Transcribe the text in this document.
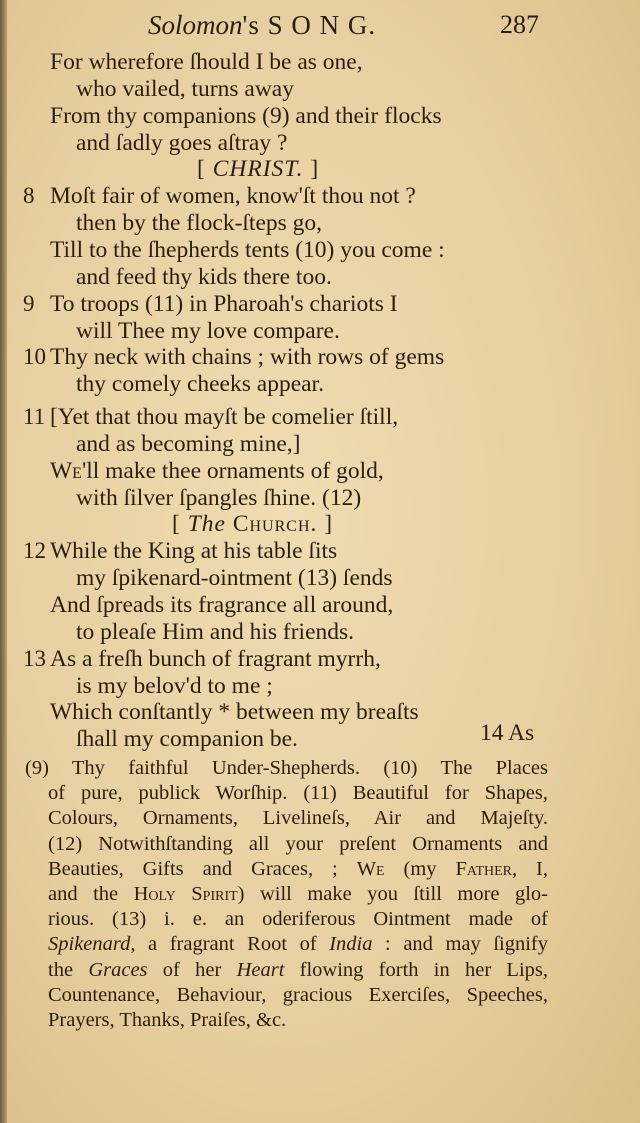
Solomon's S O N G.	287
For wherefore ſhould I be as one,
who vailed, turns away
From thy companions (9) and their flocks
and ſadly goes aſtray ?
[ CHRIST. ]
8 Moſt fair of women, know'ſt thou not ?
then by the flock-ſteps go,
Till to the ſhepherds tents (10) you come :
and feed thy kids there too.
9 To troops (11) in Pharoah's chariots I
will Thee my love compare.
10 Thy neck with chains ; with rows of gems
thy comely cheeks appear.
11 [Yet that thou mayſt be comelier ſtill,
and as becoming mine,]
We'll make thee ornaments of gold,
with ſilver ſpangles ſhine. (12)
[ The Church. ]
12 While the King at his table ſits
my ſpikenard-ointment (13) ſends
And ſpreads its fragrance all around,
to pleaſe Him and his friends.
13 As a freſh bunch of fragrant myrrh,
is my belov'd to me ;
Which conſtantly * between my breaſts
ſhall my companion be.	14 As
(9) Thy faithful Under-Shepherds. (10) The Places
of pure, publick Worſhip. (11) Beautiful for Shapes,
Colours, Ornaments, Livelineſs, Air and Majeſty.
(12) Notwithſtanding all your preſent Ornaments and
Beauties, Gifts and Graces, ; We (my Father, I,
and the Holy Spirit) will make you ſtill more glo-
rious. (13) i. e. an oderiferous Ointment made of
Spikenard, a fragrant Root of India : and may ſignify
the Graces of her Heart flowing forth in her Lips,
Countenance, Behaviour, gracious Exerciſes, Speeches,
Prayers, Thanks, Praiſes, &c.
